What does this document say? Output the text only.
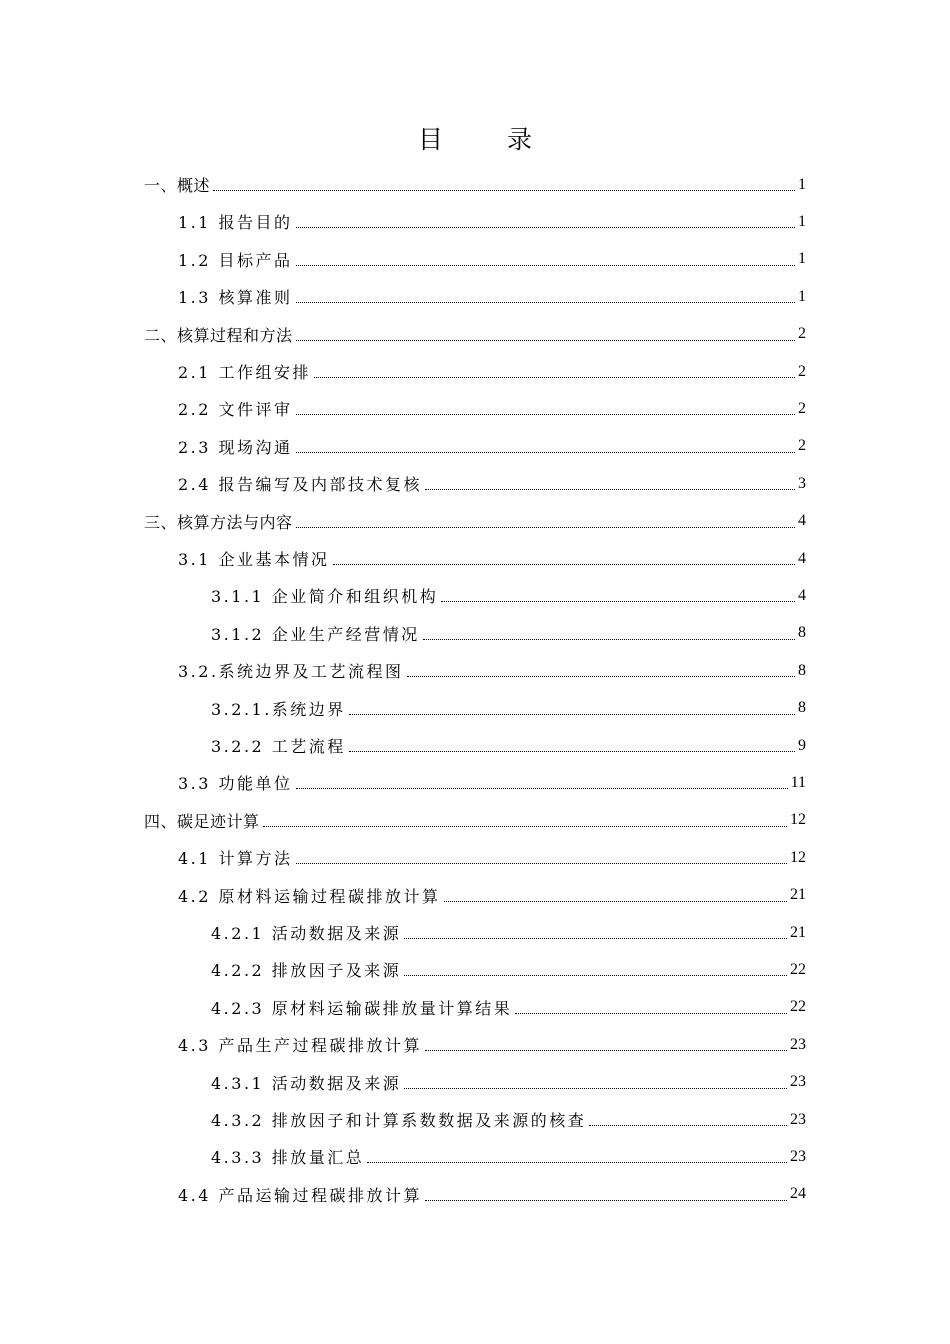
目 录
一、概述	1
1.1 报告目的	1
1.2 目标产品	1
1.3 核算准则	1
二、核算过程和方法	2
2.1 工作组安排	2
2.2 文件评审	2
2.3 现场沟通	2
2.4 报告编写及内部技术复核	3
三、核算方法与内容	4
3.1 企业基本情况	4
3.1.1 企业简介和组织机构	4
3.1.2 企业生产经营情况	8
3.2.系统边界及工艺流程图	8
3.2.1.系统边界	8
3.2.2 工艺流程	9
3.3 功能单位	11
四、碳足迹计算	12
4.1 计算方法	12
4.2 原材料运输过程碳排放计算	21
4.2.1 活动数据及来源	21
4.2.2 排放因子及来源	22
4.2.3 原材料运输碳排放量计算结果	22
4.3 产品生产过程碳排放计算	23
4.3.1 活动数据及来源	23
4.3.2 排放因子和计算系数数据及来源的核查	23
4.3.3 排放量汇总	23
4.4 产品运输过程碳排放计算	24
